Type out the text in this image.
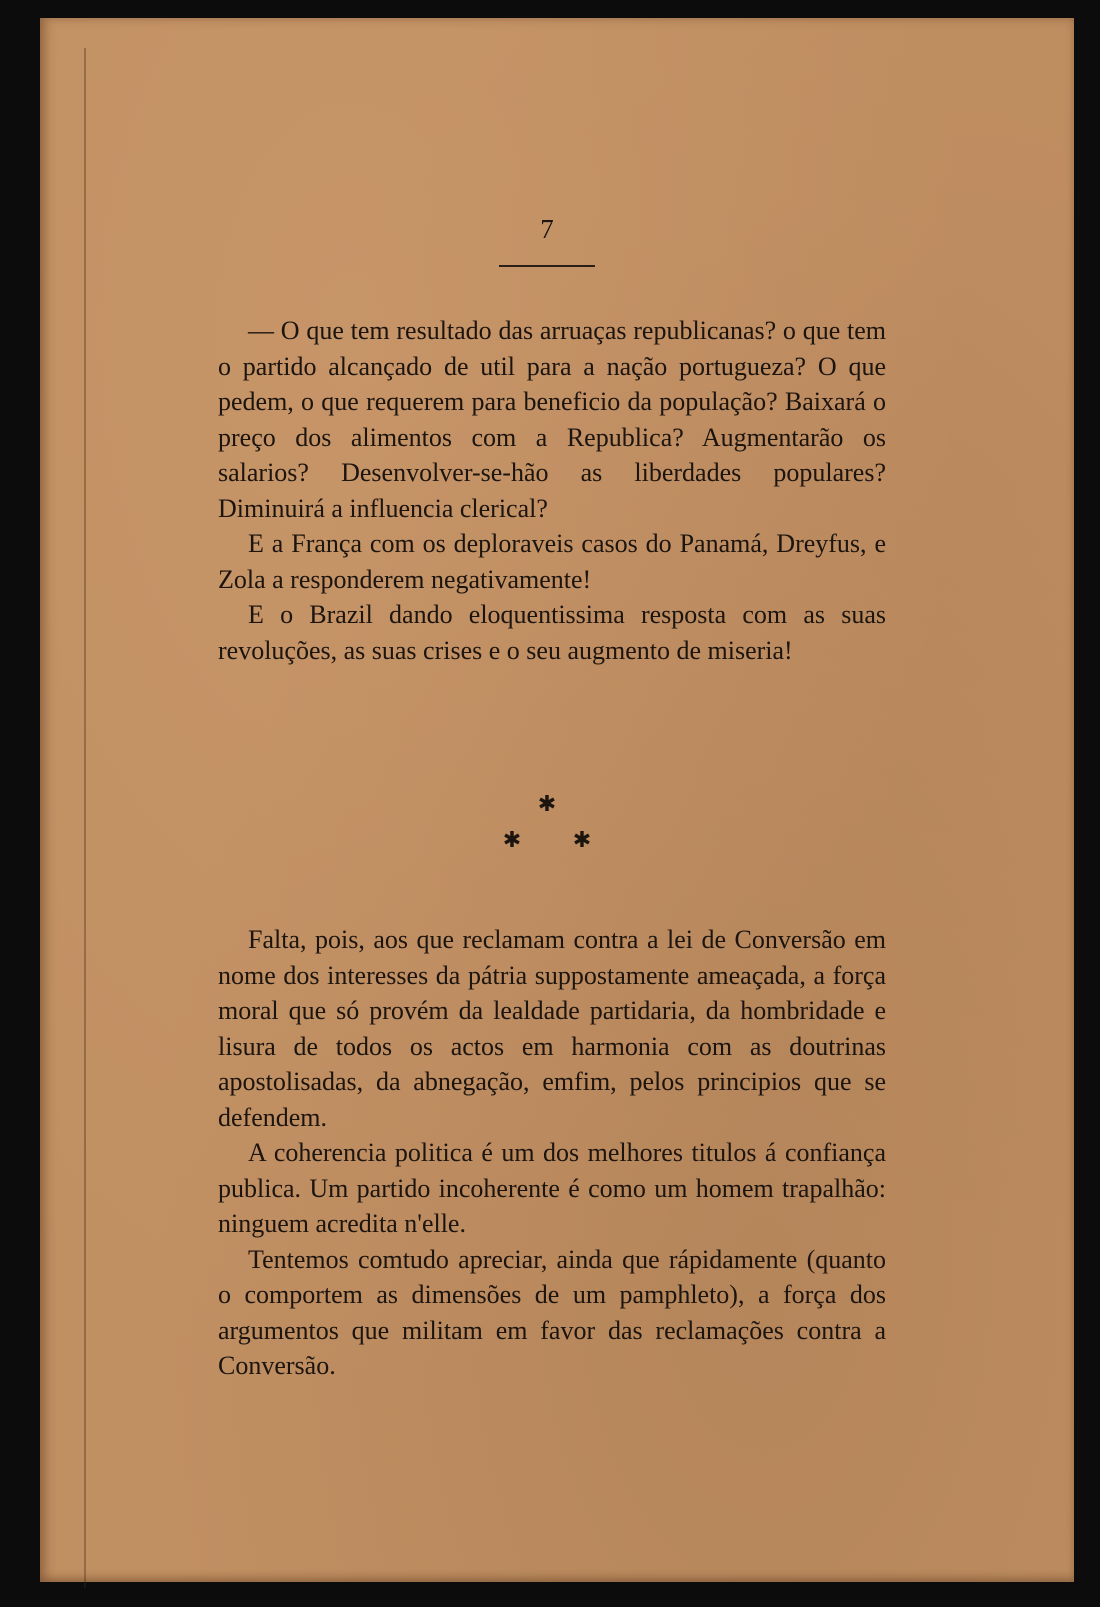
7

— O que tem resultado das arruaças republicanas? o que tem o partido alcançado de util para a nação portugueza? O que pedem, o que requerem para beneficio da população? Baixará o preço dos alimentos com a Republica? Augmentarão os salarios? Desenvolver-se-hão as liberdades populares? Diminuirá a influencia clerical?

E a França com os deploraveis casos do Panamá, Dreyfus, e Zola a responderem negativamente!

E o Brazil dando eloquentissima resposta com as suas revoluções, as suas crises e o seu augmento de miseria!

✱
✱ ✱

Falta, pois, aos que reclamam contra a lei de Conversão em nome dos interesses da pátria suppostamente ameaçada, a força moral que só provém da lealdade partidaria, da hombridade e lisura de todos os actos em harmonia com as doutrinas apostolisadas, da abnegação, emfim, pelos principios que se defendem.

A coherencia politica é um dos melhores titulos á confiança publica. Um partido incoherente é como um homem trapalhão: ninguem acredita n'elle.

Tentemos comtudo apreciar, ainda que rápidamente (quanto o comportem as dimensões de um pamphleto), a força dos argumentos que militam em favor das reclamações contra a Conversão.
